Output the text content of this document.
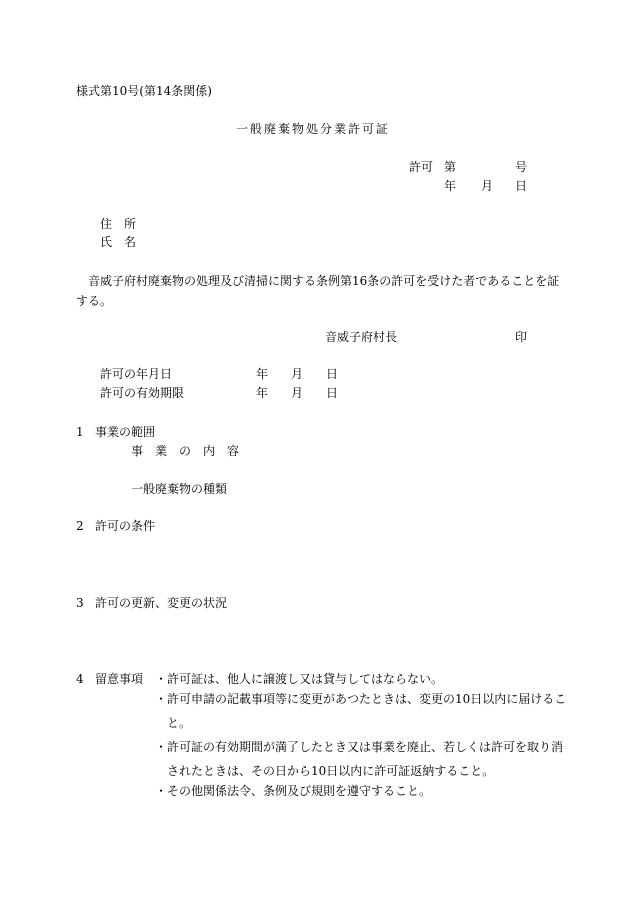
様式第10号(第14条関係)
一般廃棄物処分業許可証
許可 第	号
年 月 日
住　所
氏　名
音威子府村廃棄物の処理及び清掃に関する条例第16条の許可を受けた者であることを証
する。
音威子府村長	印
許可の年月日	年 月 日
許可の有効期限	年 月 日
1 事業の範囲
事　業　の　内　容
一般廃棄物の種類
2 許可の条件
3 許可の更新、変更の状況
4 留意事項 ・許可証は、他人に譲渡し又は貸与してはならない。
・許可申請の記載事項等に変更があつたときは、変更の10日以内に届けるこ
と。
・許可証の有効期間が満了したとき又は事業を廃止、若しくは許可を取り消
されたときは、その日から10日以内に許可証返納すること。
・その他関係法令、条例及び規則を遵守すること。
